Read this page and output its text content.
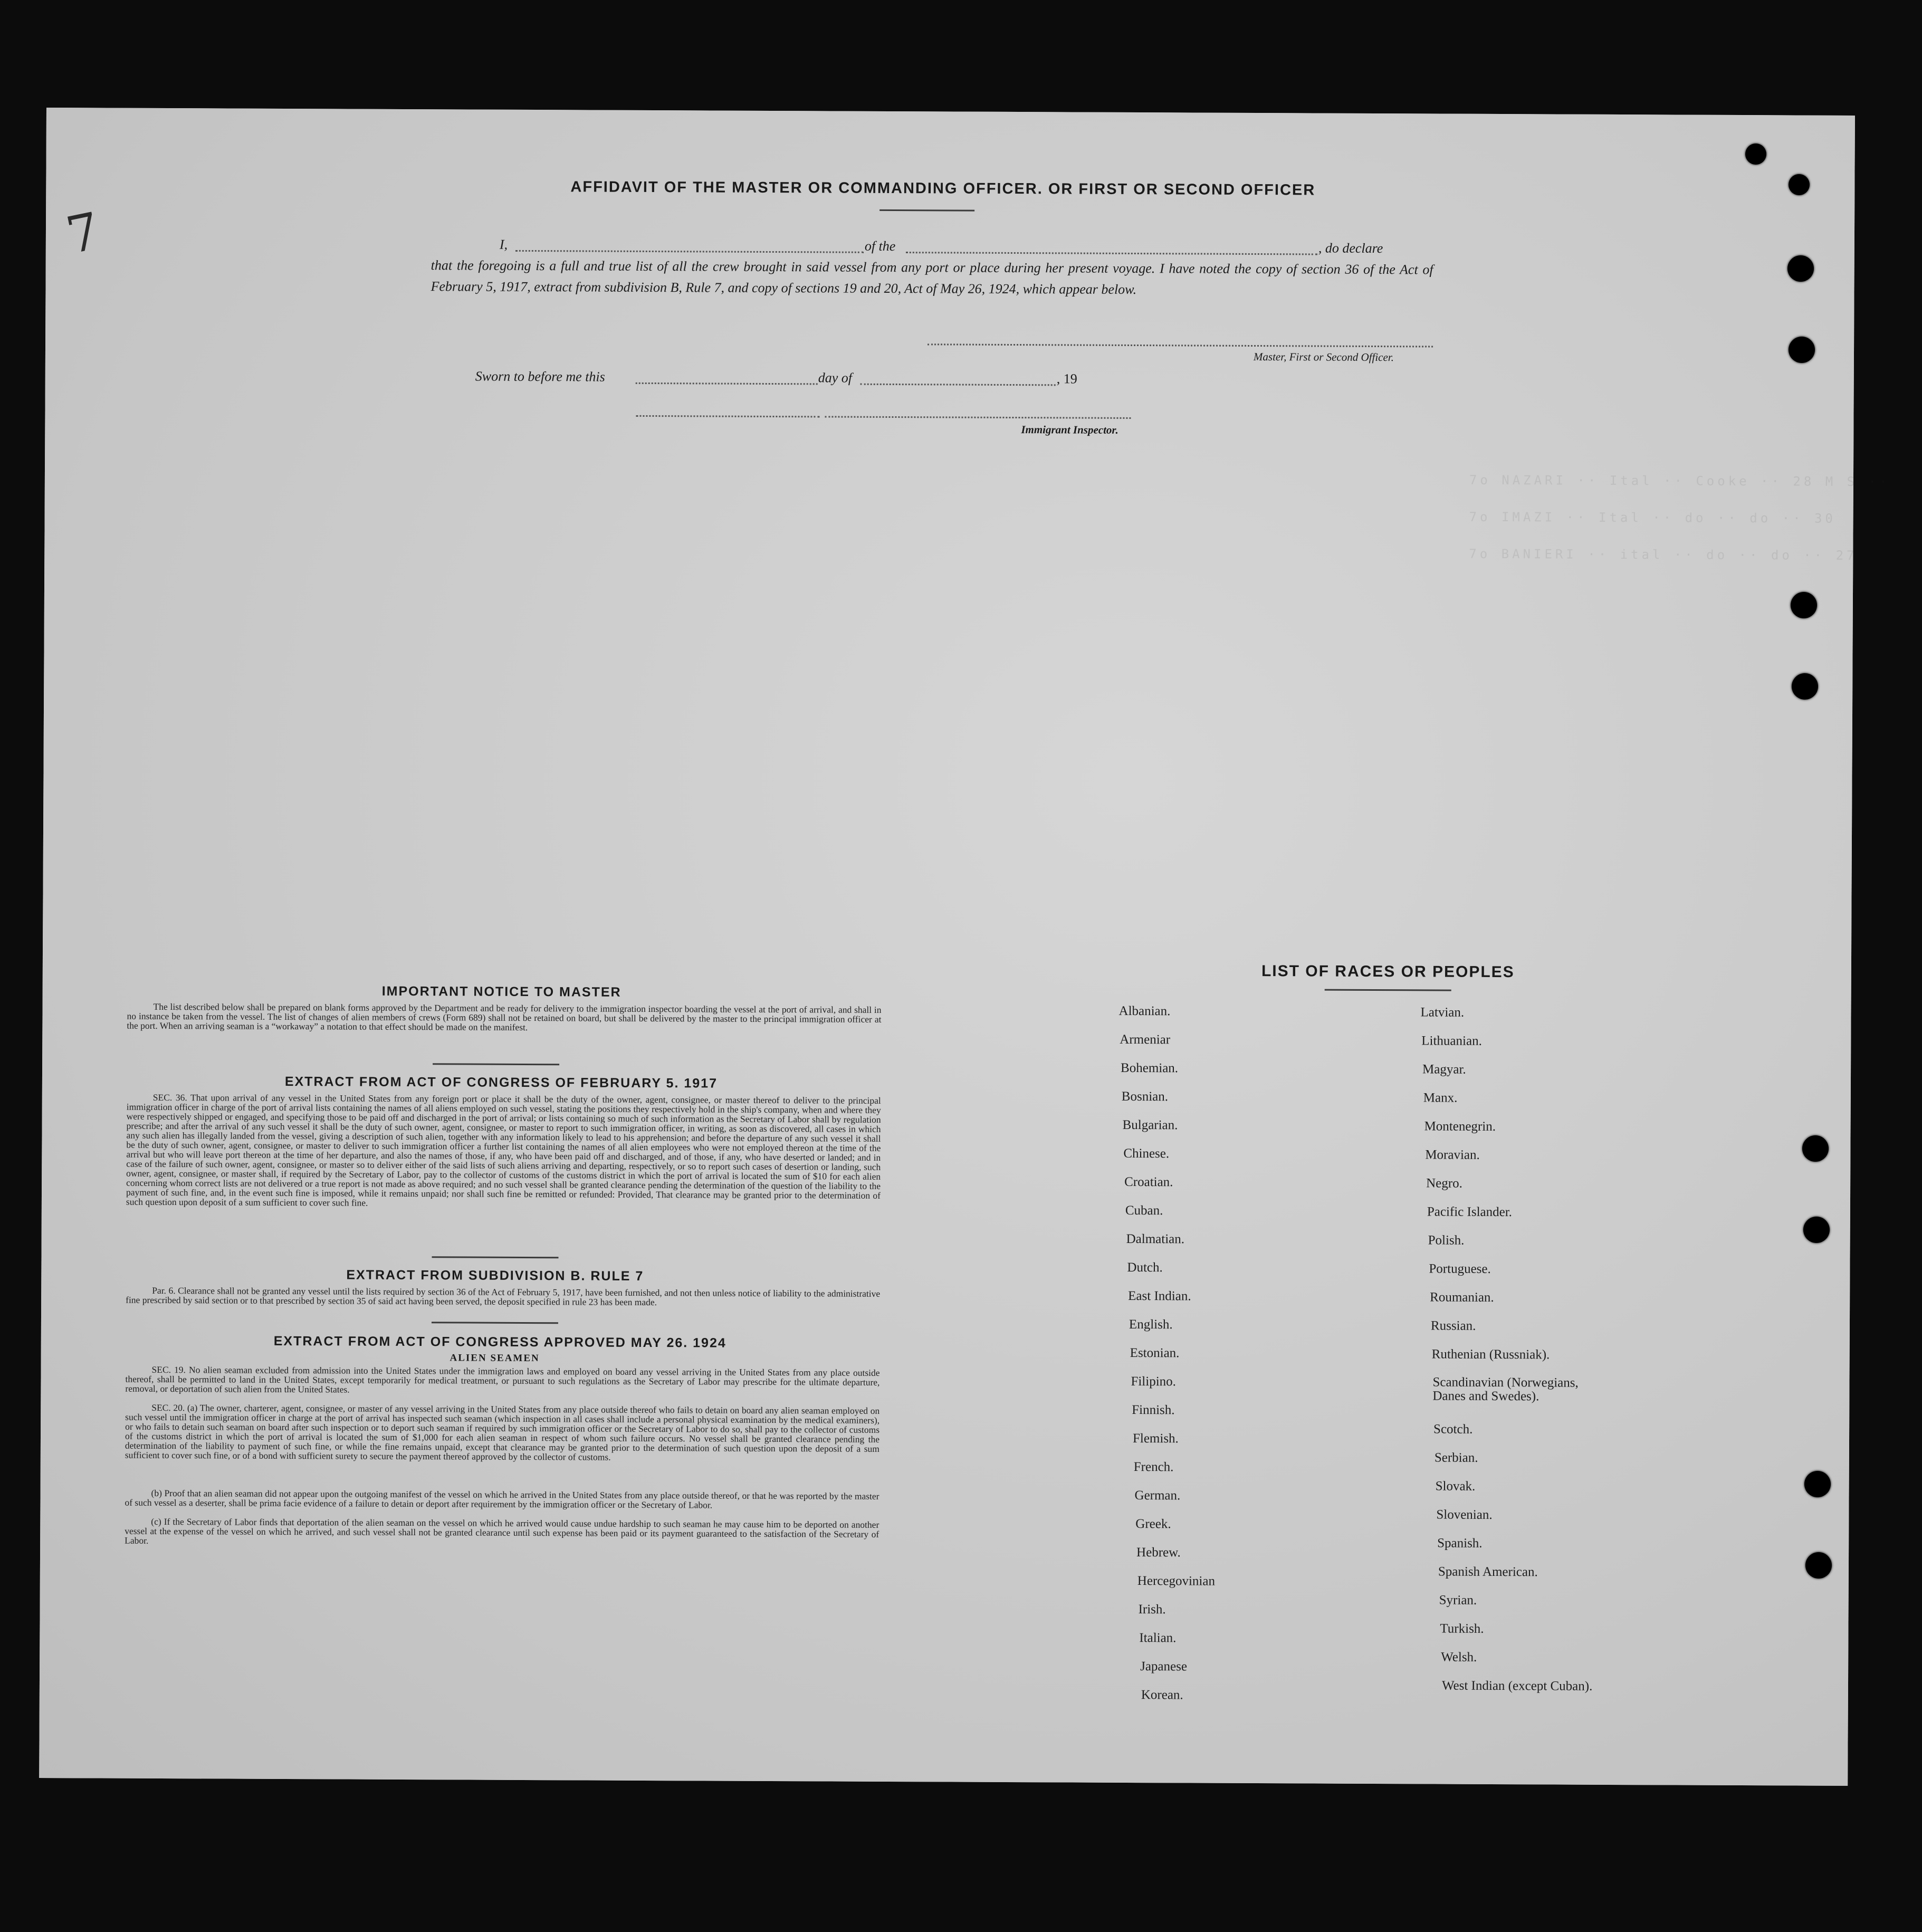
7
AFFIDAVIT OF THE MASTER OR COMMANDING OFFICER. OR FIRST OR SECOND OFFICER
I,	of the	, do declare
that the foregoing is a full and true list of all the crew brought in said vessel from any port or place during her present voyage. I have noted the copy of section 36 of the Act of February 5, 1917, extract from subdivision B, Rule 7, and copy of sections 19 and 20, Act of May 26, 1924, which appear below.
Master, First or Second Officer.
Sworn to before me this	day of	, 19
Immigrant Inspector.
7o NAZARI ·· Ital ·· Cooke ·· 28 M S ··
7o IMAZI ·· Ital ·· do ·· do ·· 30
7o BANIERI ·· ital ·· do ·· do ·· 27
IMPORTANT NOTICE TO MASTER
The list described below shall be prepared on blank forms approved by the Department and be ready for delivery to the immigration inspector boarding the vessel at the port of arrival, and shall in no instance be taken from the vessel. The list of changes of alien members of crews (Form 689) shall not be retained on board, but shall be delivered by the master to the principal immigration officer at the port. When an arriving seaman is a “workaway” a notation to that effect should be made on the manifest.
EXTRACT FROM ACT OF CONGRESS OF FEBRUARY 5. 1917
SEC. 36. That upon arrival of any vessel in the United States from any foreign port or place it shall be the duty of the owner, agent, consignee, or master thereof to deliver to the principal immigration officer in charge of the port of arrival lists containing the names of all aliens employed on such vessel, stating the positions they respectively hold in the ship's company, when and where they were respectively shipped or engaged, and specifying those to be paid off and discharged in the port of arrival; or lists containing so much of such information as the Secretary of Labor shall by regulation prescribe; and after the arrival of any such vessel it shall be the duty of such owner, agent, consignee, or master to report to such immigration officer, in writing, as soon as discovered, all cases in which any such alien has illegally landed from the vessel, giving a description of such alien, together with any information likely to lead to his apprehension; and before the departure of any such vessel it shall be the duty of such owner, agent, consignee, or master to deliver to such immigration officer a further list containing the names of all alien employees who were not employed thereon at the time of the arrival but who will leave port thereon at the time of her departure, and also the names of those, if any, who have been paid off and discharged, and of those, if any, who have deserted or landed; and in case of the failure of such owner, agent, consignee, or master so to deliver either of the said lists of such aliens arriving and departing, respectively, or so to report such cases of desertion or landing, such owner, agent, consignee, or master shall, if required by the Secretary of Labor, pay to the collector of customs of the customs district in which the port of arrival is located the sum of $10 for each alien concerning whom correct lists are not delivered or a true report is not made as above required; and no such vessel shall be granted clearance pending the determination of the question of the liability to the payment of such fine, and, in the event such fine is imposed, while it remains unpaid; nor shall such fine be remitted or refunded: Provided, That clearance may be granted prior to the determination of such question upon deposit of a sum sufficient to cover such fine.
EXTRACT FROM SUBDIVISION B. RULE 7
Par. 6. Clearance shall not be granted any vessel until the lists required by section 36 of the Act of February 5, 1917, have been furnished, and not then unless notice of liability to the administrative fine prescribed by said section or to that prescribed by section 35 of said act having been served, the deposit specified in rule 23 has been made.
EXTRACT FROM ACT OF CONGRESS APPROVED MAY 26. 1924
ALIEN SEAMEN
SEC. 19. No alien seaman excluded from admission into the United States under the immigration laws and employed on board any vessel arriving in the United States from any place outside thereof, shall be permitted to land in the United States, except temporarily for medical treatment, or pursuant to such regulations as the Secretary of Labor may prescribe for the ultimate departure, removal, or deportation of such alien from the United States.
SEC. 20. (a) The owner, charterer, agent, consignee, or master of any vessel arriving in the United States from any place outside thereof who fails to detain on board any alien seaman employed on such vessel until the immigration officer in charge at the port of arrival has inspected such seaman (which inspection in all cases shall include a personal physical examination by the medical examiners), or who fails to detain such seaman on board after such inspection or to deport such seaman if required by such immigration officer or the Secretary of Labor to do so, shall pay to the collector of customs of the customs district in which the port of arrival is located the sum of $1,000 for each alien seaman in respect of whom such failure occurs. No vessel shall be granted clearance pending the determination of the liability to payment of such fine, or while the fine remains unpaid, except that clearance may be granted prior to the determination of such question upon the deposit of a sum sufficient to cover such fine, or of a bond with sufficient surety to secure the payment thereof approved by the collector of customs.
(b) Proof that an alien seaman did not appear upon the outgoing manifest of the vessel on which he arrived in the United States from any place outside thereof, or that he was reported by the master of such vessel as a deserter, shall be prima facie evidence of a failure to detain or deport after requirement by the immigration officer or the Secretary of Labor.
(c) If the Secretary of Labor finds that deportation of the alien seaman on the vessel on which he arrived would cause undue hardship to such seaman he may cause him to be deported on another vessel at the expense of the vessel on which he arrived, and such vessel shall not be granted clearance until such expense has been paid or its payment guaranteed to the satisfaction of the Secretary of Labor.
LIST OF RACES OR PEOPLES
Albanian.
Armeniar
Bohemian.
Bosnian.
Bulgarian.
Chinese.
Croatian.
Cuban.
Dalmatian.
Dutch.
East Indian.
English.
Estonian.
Filipino.
Finnish.
Flemish.
French.
German.
Greek.
Hebrew.
Hercegovinian
Irish.
Italian.
Japanese
Korean.
Latvian.
Lithuanian.
Magyar.
Manx.
Montenegrin.
Moravian.
Negro.
Pacific Islander.
Polish.
Portuguese.
Roumanian.
Russian.
Ruthenian (Russniak).
Scandinavian (Norwegians, Danes and Swedes).
Scotch.
Serbian.
Slovak.
Slovenian.
Spanish.
Spanish American.
Syrian.
Turkish.
Welsh.
West Indian (except Cuban).
